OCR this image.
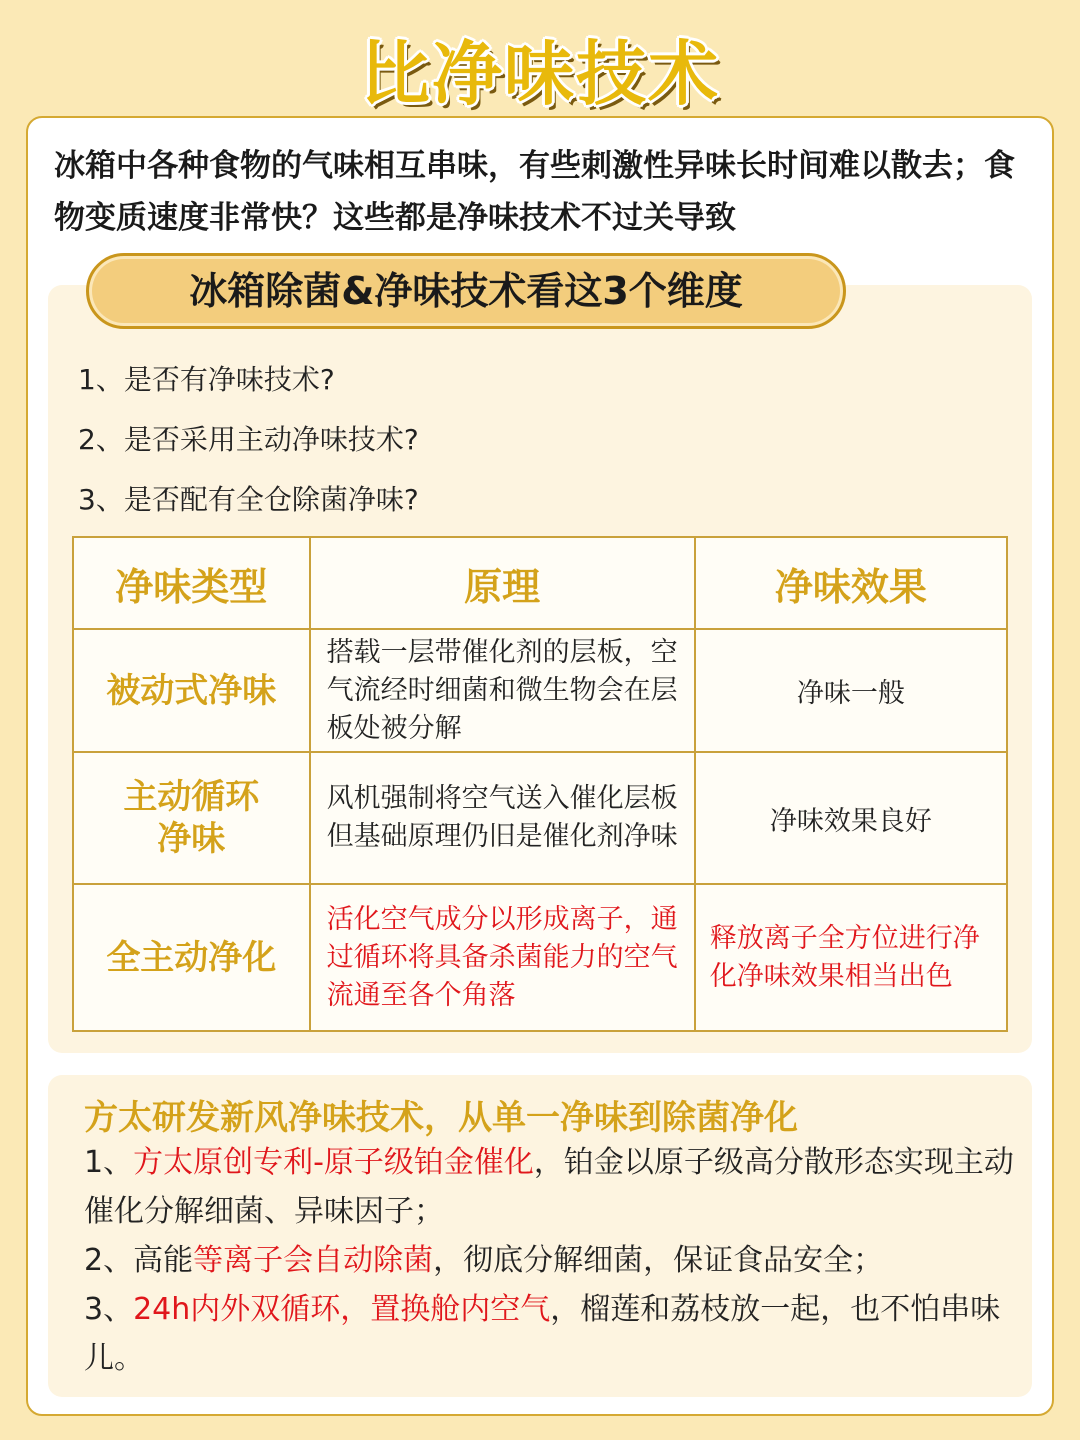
比净味技术
冰箱中各种食物的气味相互串味，有些刺激性异味长时间难以散去；食物变质速度非常快？这些都是净味技术不过关导致
冰箱除菌&净味技术看这3个维度
1、是否有净味技术?
2、是否采用主动净味技术?
3、是否配有全仓除菌净味?
净味类型	原理	净味效果
被动式净味	搭载一层带催化剂的层板，空气流经时细菌和微生物会在层板处被分解	净味一般
主动循环净味	风机强制将空气送入催化层板但基础原理仍旧是催化剂净味	净味效果良好
全主动净化	活化空气成分以形成离子，通过循环将具备杀菌能力的空气流通至各个角落	释放离子全方位进行净化净味效果相当出色
方太研发新风净味技术，从单一净味到除菌净化
1、方太原创专利-原子级铂金催化，铂金以原子级高分散形态实现主动催化分解细菌、异味因子；
2、高能等离子会自动除菌，彻底分解细菌，保证食品安全；
3、24h内外双循环，置换舱内空气，榴莲和荔枝放一起，也不怕串味儿。
